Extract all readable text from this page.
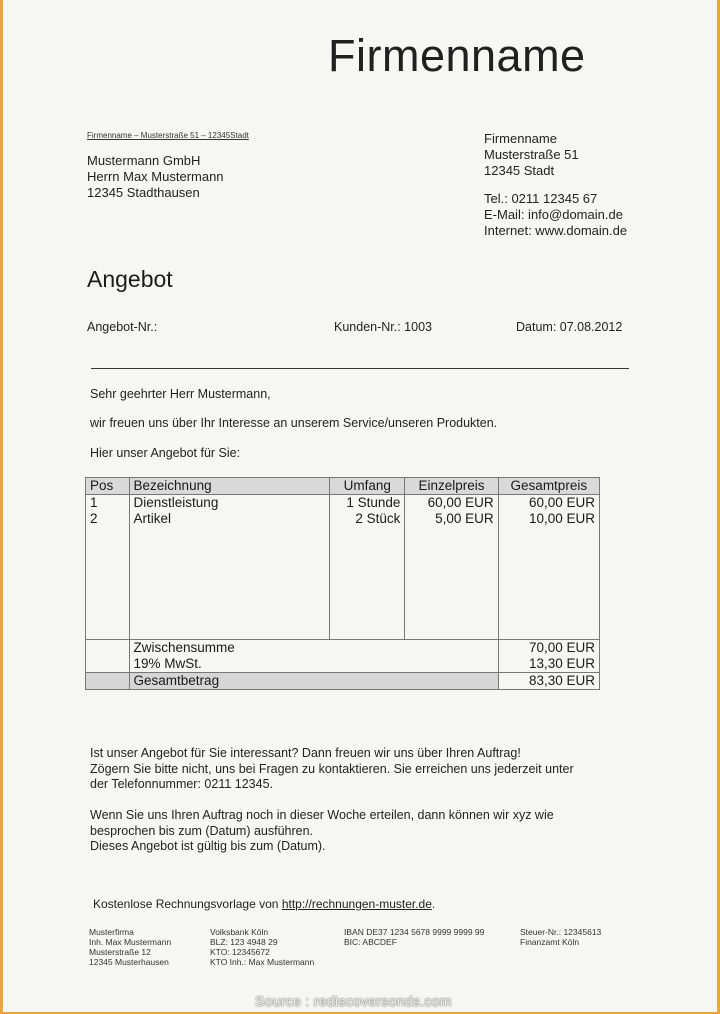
Firmenname
Firmenname – Musterstraße 51 – 12345Stadt
Mustermann GmbH
Herrn Max Mustermann
12345 Stadthausen
Firmenname
Musterstraße 51
12345 Stadt
Tel.: 0211 12345 67
E-Mail: info@domain.de
Internet: www.domain.de
Angebot
Angebot-Nr.:	Kunden-Nr.: 1003	Datum: 07.08.2012
Sehr geehrter Herr Mustermann,
wir freuen uns über Ihr Interesse an unserem Service/unseren Produkten.
Hier unser Angebot für Sie:
Pos	Bezeichnung	Umfang	Einzelpreis	Gesamtpreis
1	Dienstleistung	1 Stunde	60,00 EUR	60,00 EUR
2	Artikel	2 Stück	5,00 EUR	10,00 EUR

	Zwischensumme			70,00 EUR
	19% MwSt.			13,30 EUR
	Gesamtbetrag			83,30 EUR
Ist unser Angebot für Sie interessant? Dann freuen wir uns über Ihren Auftrag!
Zögern Sie bitte nicht, uns bei Fragen zu kontaktieren. Sie erreichen uns jederzeit unter
der Telefonnummer: 0211 12345.
Wenn Sie uns Ihren Auftrag noch in dieser Woche erteilen, dann können wir xyz wie
besprochen bis zum (Datum) ausführen.
Dieses Angebot ist gültig bis zum (Datum).
Kostenlose Rechnungsvorlage von http://rechnungen-muster.de.
Musterfirma
Inh. Max Mustermann
Musterstraße 12
12345 Musterhausen
Volksbank Köln
BLZ: 123 4948 29
KTO: 12345672
KTO Inh.: Max Mustermann
IBAN DE37 1234 5678 9999 9999 99
BIC: ABCDEF
Steuer-Nr.: 12345613
Finanzamt Köln
Source : rediscoversonds.com
